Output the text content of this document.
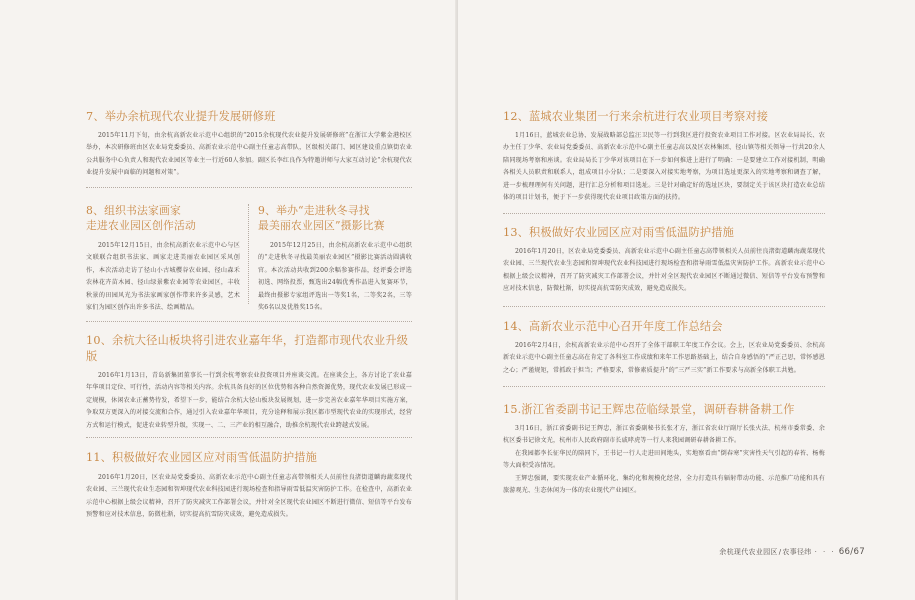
7、举办余杭现代农业提升发展研修班

2015年11月下旬，由余杭高新农业示范中心组织的“2015余杭现代农业提升发展研修班”在浙江大学紫金港校区举办，本次研修班由区农业局党委委员、高新农业示范中心副主任童志高带队，区级相关部门、园区建设重点镇街农业公共服务中心负责人和现代农业园区等业主一行近60人参加。副区长李红良作为特邀讲师与大家互动讨论“余杭现代农业提升发展中面临的问题和对策”。

8、组织书法家画家
走进农业园区创作活动

2015年12月15日，由余杭高新农业示范中心与区文联联合组织书法家、画家走进美丽农业园区采风创作，本次活动走访了径山小古城樱谷农业园、径山森禾农林花卉苗木园、径山绿景紫农业园等农业园区，丰收秋景的田园风光为书法家画家创作带来许多灵感，艺术家们为园区创作出许多书法、绘画精品。

9、举办“走进秋冬寻找
最美丽农业园区”摄影比赛

2015年12月25日，由余杭高新农业示范中心组织的“走进秋冬寻找最美丽农业园区”摄影比赛活动圆满收官。本次活动共收到200余幅参赛作品，经评委会评选初选、网络投票，甄选出24幅优秀作品进入复赛环节，最终由摄影专家组评选出一等奖1名，二等奖2名，三等奖6名以及优胜奖15名。

10、余杭大径山板块将引进农业嘉年华，打造都市现代农业升级版

2016年1月13日，青岛新集团董事长一行到余杭考察农业投资项目并座谈交流。在座谈会上，各方讨论了农业嘉年华项目定位、可行性，活动内容等相关内容。余杭具备良好的区位优势和各种自然资源优势，现代农业发展已形成一定规模，休闲农业正蓄势待发，希望下一步，能结合余杭大径山板块发展规划，进一步完善农业嘉年华项目实施方案，争取双方更深入的对接交流和合作，通过引入农业嘉年华项目，充分诠释和展示我区都市型现代农业的实现形式，经营方式和运行模式，促进农业转型升级，实现一、二、三产业的相互融合，助推余杭现代农业跨越式发展。

11、积极做好农业园区应对雨雪低温防护措施

2016年1月20日，区农业局党委委员、高新农业示范中心副主任童志高带领相关人员前往良渚街道麟海蔬菜现代农业园、三兰现代农业生态园和智坤现代农业科技园进行现场检查和指导雨雪低温灾害防护工作。在检查中，高新农业示范中心根据上级会议精神，召开了防灾减灾工作部署会议，并针对全区现代农业园区不断进行微信、短信等平台发布预警和应对技术信息，防微杜渐，切实提高抗雪防灾成效，避免造成损失。

12、蓝城农业集团一行来余杭进行农业项目考察对接

1月16日，蓝城农业总协、发展战略部总监汪卫民等一行到我区进行投资农业项目工作对接。区农业局局长、农办主任丁少华、农业局党委委员、高新农业示范中心副主任童志高以及区农林集团、径山镇等相关领导一行共20余人陪同现场考察和座谈。农业局局长丁少华对该项目在下一步如何推进上进行了明确：一是要建立工作对接机制，明确各相关人员职责和联系人，组成项目小分队；二是要深入对接实地考察，为项目选址更深入的实地考察和调查了解，进一步梳理理何有关问题，进行汇总分析和项目选址。三是针对确定好的选址区块，要制定关于该区块打造农业总结体的项目计划书，便于下一步获得现代农业项目政策方面的扶持。

13、积极做好农业园区应对雨雪低温防护措施

2016年1月20日，区农业局党委委员、高新农业示范中心副主任童志高带领相关人员前往良渚街道麟海蔬菜现代农业园、三兰现代农业生态园和智坤现代农业科技园进行现场检查和指导雨雪低温灾害防护工作。高新农业示范中心根据上级会议精神，召开了防灾减灾工作部署会议，并针对全区现代农业园区不断通过微信、短信等平台发布预警和应对技术信息，防微杜渐，切实提高抗雪防灾成效，避免造成损失。

14、高新农业示范中心召开年度工作总结会

2016年2月4日，余杭高新农业示范中心召开了全体干部职工年度工作会议。会上，区农业局党委委员、余杭高新农业示范中心副主任童志高在肯定了各科室工作成绩和来年工作思路基础上，结合自身感悟的“严正己思，常怀感恩之心；严谨规矩，常抓政于担当；严格要求，常修素质提升”的“三严三实”新工作要求与高新全体职工共勉。

15.浙江省委副书记王辉忠莅临绿景堂，调研春耕备耕工作

3月16日，浙江省委副书记王辉忠，浙江省委副秘书长张才方，浙江省农业厅副厅长张火法、杭州市委常委、余杭区委书记徐文光，杭州市人民政府副市长戚哮虎等一行人来我园调研春耕备耕工作。

在我园都李长征华民的陪同下，王书记一行人走进田间地头，实地察看由“倒春寒”灾害性天气引起的春苔、杨梅等大面积受冻情况。

王辉忠强调，要实现农业产业循环化、集约化和规模化经营，全力打造具有辐射带动功能、示范推广功能和具有旅游观光、生态休闲为一体的农业现代产业园区。

余杭现代农业园区/农事径纬 · · · 66/67
